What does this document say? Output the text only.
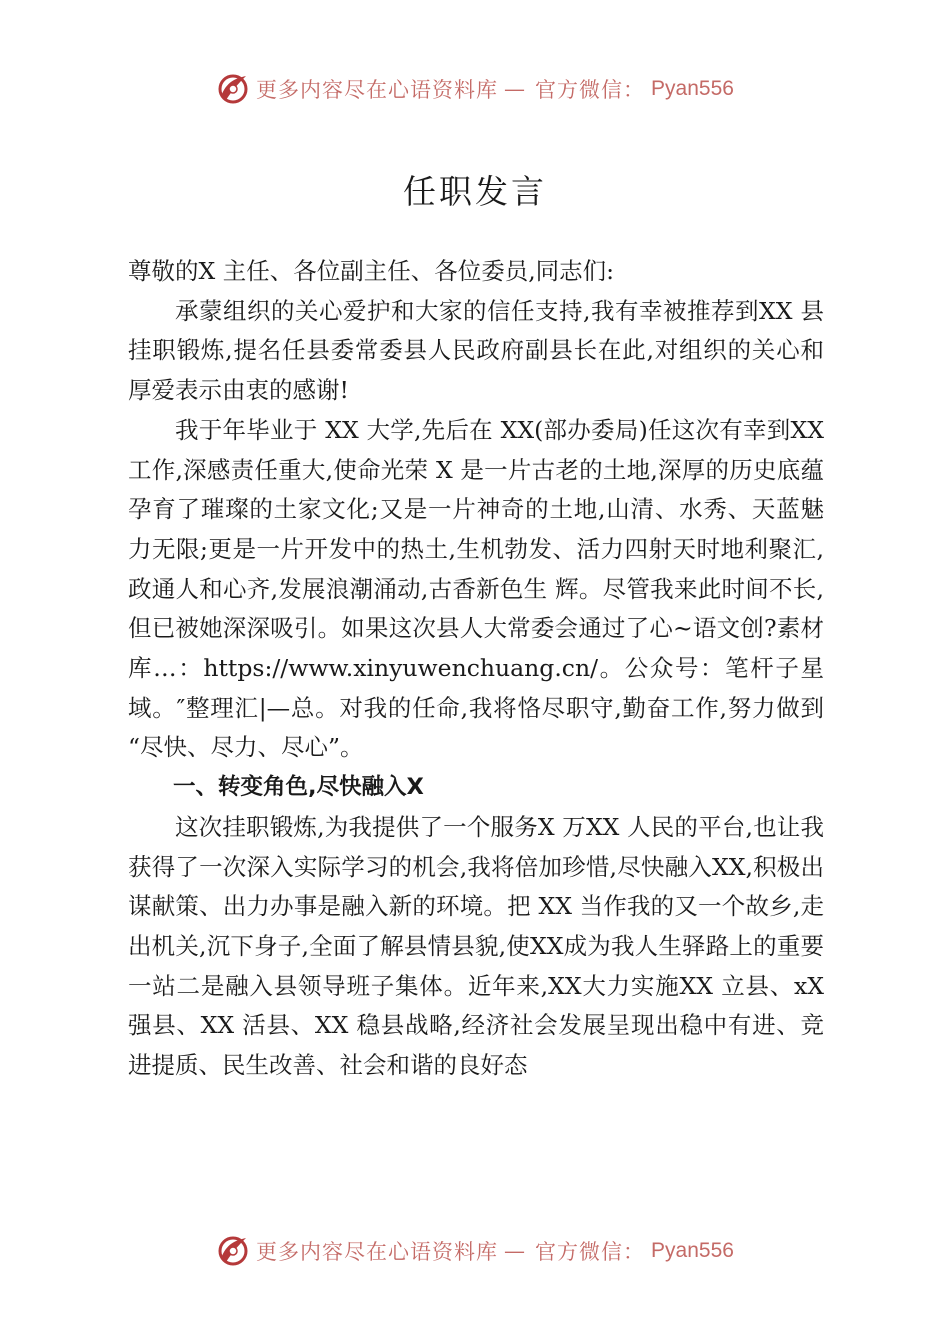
更多内容尽在心语资料库 — 官方微信： Pyan556
任职发言

尊敬的X 主任、各位副主任、各位委员,同志们:

承蒙组织的关心爱护和大家的信任支持,我有幸被推荐到XX 县挂职锻炼,提名任县委常委县人民政府副县长在此,对组织的关心和厚爱表示由衷的感谢!

我于年毕业于 XX 大学,先后在 XX(部办委局)任这次有幸到XX 工作,深感责任重大,使命光荣 X 是一片古老的土地,深厚的历史底蕴孕育了璀璨的土家文化;又是一片神奇的土地,山清、水秀、天蓝魅力无限;更是一片开发中的热土,生机勃发、活力四射天时地利聚汇,政通人和心齐,发展浪潮涌动,古香新色生 辉。尽管我来此时间不长,但已被她深深吸引。如果这次县人大常委会通过了心~语文创?素材库…：https://www.xinyuwenchuang.cn/。公众号：笔杆子星域。″整理汇|—总。对我的任命,我将恪尽职守,勤奋工作,努力做到 “尽快、尽力、尽心”。

一、转变角色,尽快融入X

这次挂职锻炼,为我提供了一个服务X 万XX 人民的平台,也让我获得了一次深入实际学习的机会,我将倍加珍惜,尽快融入XX,积极出谋献策、出力办事是融入新的环境。把 XX 当作我的又一个故乡,走出机关,沉下身子,全面了解县情县貌,使XX成为我人生驿路上的重要一站二是融入县领导班子集体。近年来,XX大力实施XX 立县、xX 强县、XX 活县、XX 稳县战略,经济社会发展呈现出稳中有进、竞进提质、民生改善、社会和谐的良好态

更多内容尽在心语资料库 — 官方微信： Pyan556
